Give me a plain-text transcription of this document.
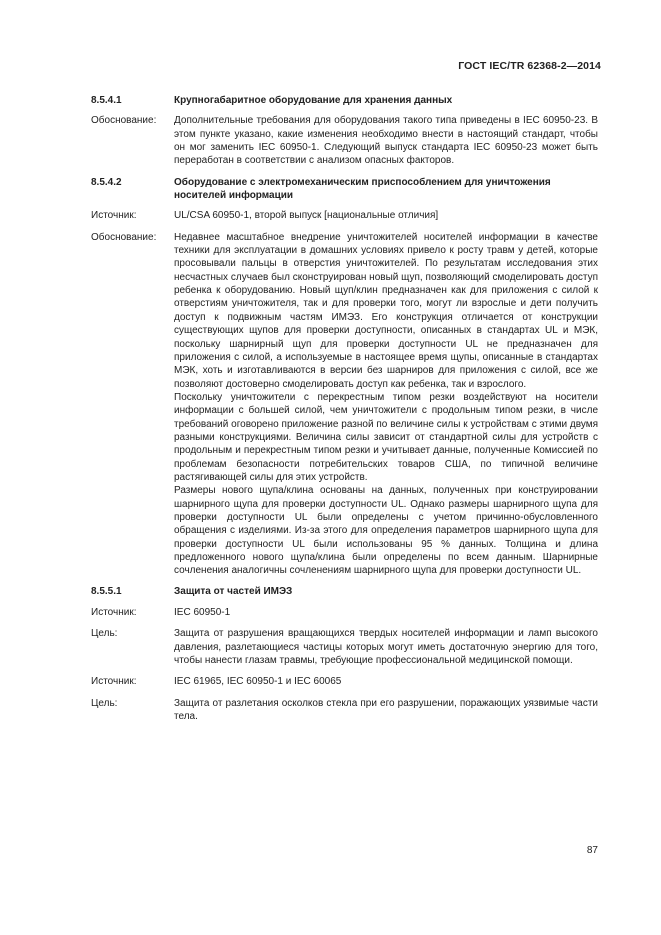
ГОСТ IEC/TR 62368-2—2014
8.5.4.1	Крупногабаритное оборудование для хранения данных

Обоснование:	Дополнительные требования для оборудования такого типа приведены в IEC 60950-23. В этом пункте указано, какие изменения необходимо внести в настоящий стандарт, чтобы он мог заменить IEC 60950-1. Следующий выпуск стандарта IEC 60950-23 может быть переработан в соответствии с анализом опасных факторов.

8.5.4.2	Оборудование с электромеханическим приспособлением для уничтожения носителей информации

Источник:	UL/CSA 60950-1, второй выпуск [национальные отличия]

Обоснование:	Недавнее масштабное внедрение уничтожителей носителей информации в качестве техники для эксплуатации в домашних условиях привело к росту травм у детей, которые просовывали пальцы в отверстия уничтожителей. По результатам исследования этих несчастных случаев был сконструирован новый щуп, позволяющий смоделировать доступ ребенка к оборудованию. Новый щуп/клин предназначен как для приложения с силой к отверстиям уничтожителя, так и для проверки того, могут ли взрослые и дети получить доступ к подвижным частям ИМЭЗ. Его конструкция отличается от конструкции существующих щупов для проверки доступности, описанных в стандартах UL и МЭК, поскольку шарнирный щуп для проверки доступности UL не предназначен для приложения с силой, а используемые в настоящее время щупы, описанные в стандартах МЭК, хоть и изготавливаются в версии без шарниров для приложения с силой, все же позволяют достоверно смоделировать доступ как ребенка, так и взрослого.

Поскольку уничтожители с перекрестным типом резки воздействуют на носители информации с большей силой, чем уничтожители с продольным типом резки, в числе требований оговорено приложение разной по величине силы к устройствам с этими двумя разными конструкциями. Величина силы зависит от стандартной силы для устройств с продольным и перекрестным типом резки и учитывает данные, полученные Комиссией по проблемам безопасности потребительских товаров США, по типичной величине растягивающей силы для этих устройств.

Размеры нового щупа/клина основаны на данных, полученных при конструировании шарнирного щупа для проверки доступности UL. Однако размеры шарнирного щупа для проверки доступности UL были определены с учетом причинно-обусловленного обращения с изделиями. Из-за этого для определения параметров шарнирного щупа для проверки доступности UL были использованы 95 % данных. Толщина и длина предложенного нового щупа/клина были определены по всем данным. Шарнирные сочленения аналогичны сочленениям шарнирного щупа для проверки доступности UL.

8.5.5.1	Защита от частей ИМЭЗ

Источник:	IEC 60950-1

Цель:	Защита от разрушения вращающихся твердых носителей информации и ламп высокого давления, разлетающиеся частицы которых могут иметь достаточную энергию для того, чтобы нанести глазам травмы, требующие профессиональной медицинской помощи.

Источник:	IEC 61965, IEC 60950-1 и IEC 60065

Цель:	Защита от разлетания осколков стекла при его разрушении, поражающих уязвимые части тела.

87
